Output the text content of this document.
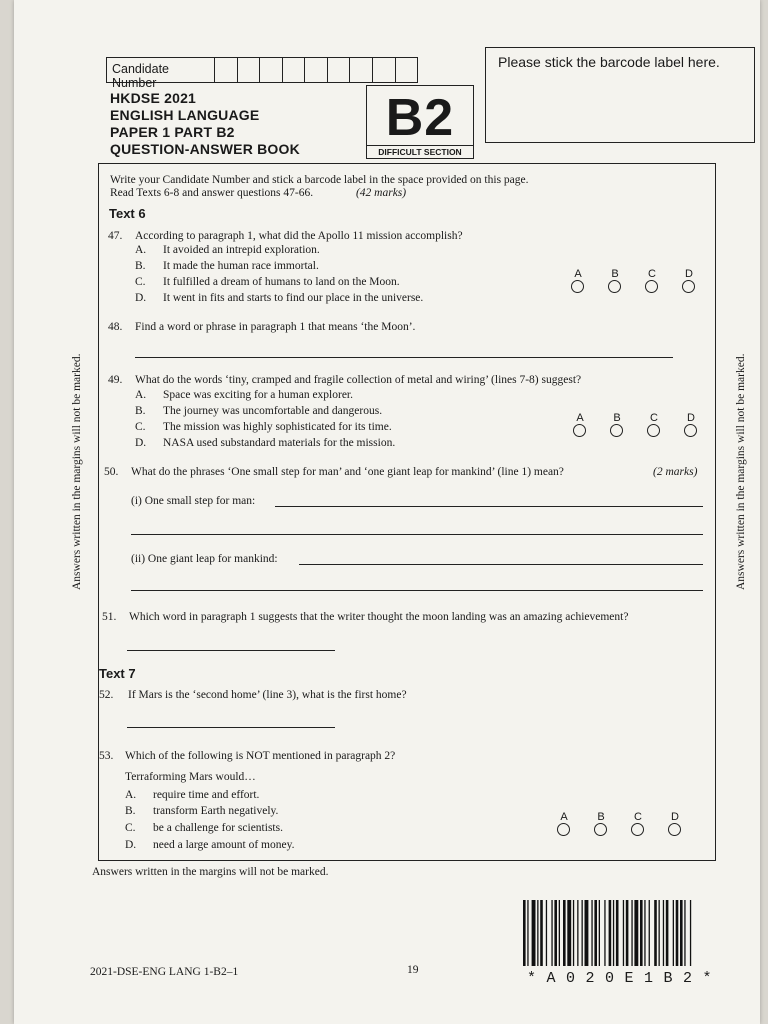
Candidate Number
Please stick the barcode label here.
HKDSE 2021
ENGLISH LANGUAGE
PAPER 1 PART B2
QUESTION-ANSWER BOOK
B2
DIFFICULT SECTION
Write your Candidate Number and stick a barcode label in the space provided on this page.
Read Texts 6-8 and answer questions 47-66.	(42 marks)
Text 6
47. According to paragraph 1, what did the Apollo 11 mission accomplish?
A. It avoided an intrepid exploration.
B. It made the human race immortal.
C. It fulfilled a dream of humans to land on the Moon.
D. It went in fits and starts to find our place in the universe.
A	B	C	D
48. Find a word or phrase in paragraph 1 that means ‘the Moon’.
49. What do the words ‘tiny, cramped and fragile collection of metal and wiring’ (lines 7-8) suggest?
A. Space was exciting for a human explorer.
B. The journey was uncomfortable and dangerous.
C. The mission was highly sophisticated for its time.
D. NASA used substandard materials for the mission.
A	B	C	D
50. What do the phrases ‘One small step for man’ and ‘one giant leap for mankind’ (line 1) mean?	(2 marks)
(i) One small step for man:
(ii) One giant leap for mankind:
51. Which word in paragraph 1 suggests that the writer thought the moon landing was an amazing achievement?
Text 7
52. If Mars is the ‘second home’ (line 3), what is the first home?
53. Which of the following is NOT mentioned in paragraph 2?
Terraforming Mars would…
A. require time and effort.
B. transform Earth negatively.
C. be a challenge for scientists.
D. need a large amount of money.
A	B	C	D
Answers written in the margins will not be marked.	Answers written in the margins will not be marked.
Answers written in the margins will not be marked.
*A020E1B2*
2021-DSE-ENG LANG 1-B2–1	19
